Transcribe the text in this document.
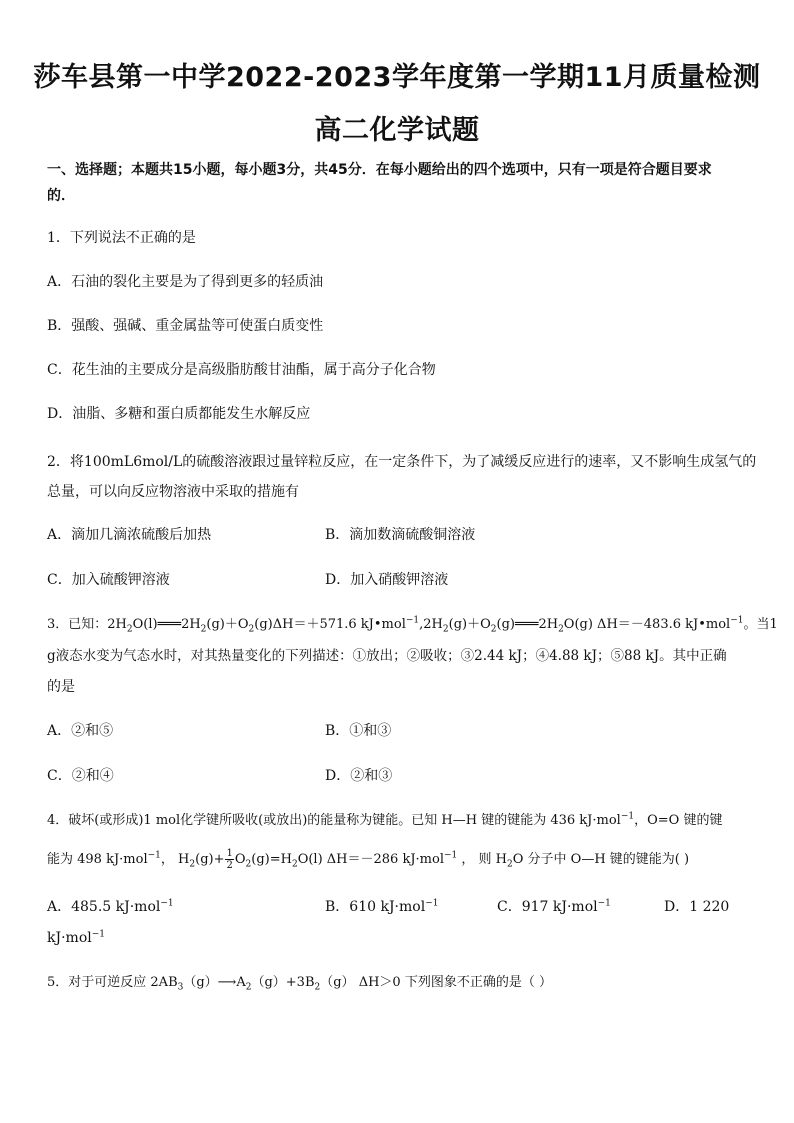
莎车县第一中学2022-2023学年度第一学期11月质量检测
高二化学试题
一、选择题；本题共15小题，每小题3分，共45分．在每小题给出的四个选项中，只有一项是符合题目要求
的．
1．下列说法不正确的是
A．石油的裂化主要是为了得到更多的轻质油
B．强酸、强碱、重金属盐等可使蛋白质变性
C．花生油的主要成分是高级脂肪酸甘油酯，属于高分子化合物
D．油脂、多糖和蛋白质都能发生水解反应
2．将100mL6mol/L的硫酸溶液跟过量锌粒反应，在一定条件下，为了减缓反应进行的速率，又不影响生成氢气的
总量，可以向反应物溶液中采取的措施有
A．滴加几滴浓硫酸后加热	B．滴加数滴硫酸铜溶液
C．加入硫酸钾溶液	D．加入硝酸钾溶液
3．已知：$2H_2O(l)═══2H_2(g)+O_2(g)\Delta H=+571.6$ $kJ•mol^{-1},2H_2(g)+O_2(g)═══2H_2O(g)$ ΔH＝－483.6 kJ•mol$^{-1}$。当1
g液态水变为气态水时，对其热量变化的下列描述：①放出；②吸收；③2.44 kJ；④4.88 kJ；⑤88 kJ。其中正确
的是
A．②和⑤	B．①和③
C．②和④	D．②和③
4．破坏(或形成)1 mol化学键所吸收(或放出)的能量称为键能。已知 H—H 键的键能为 436 kJ·mol$^{-1}$，O=O 键的键
能为 498 kJ·mol$^{-1}$， $H_2(g)+ \frac{1}{2} O_2(g)=H_2O(l)$ ΔH＝－286 kJ·mol$^{-1}$ ， 则 $H_2O$ 分子中 O—H 键的键能为( )
A．485.5 kJ·mol$^{-1}$	B．610 kJ·mol$^{-1}$	C．917 kJ·mol$^{-1}$	D．1 220
kJ·mol$^{-1}$
5．对于可逆反应 $2AB_3(g)⟶A_2(g)+3B_2(g)$ ΔH＞0 下列图象不正确的是（ ）
